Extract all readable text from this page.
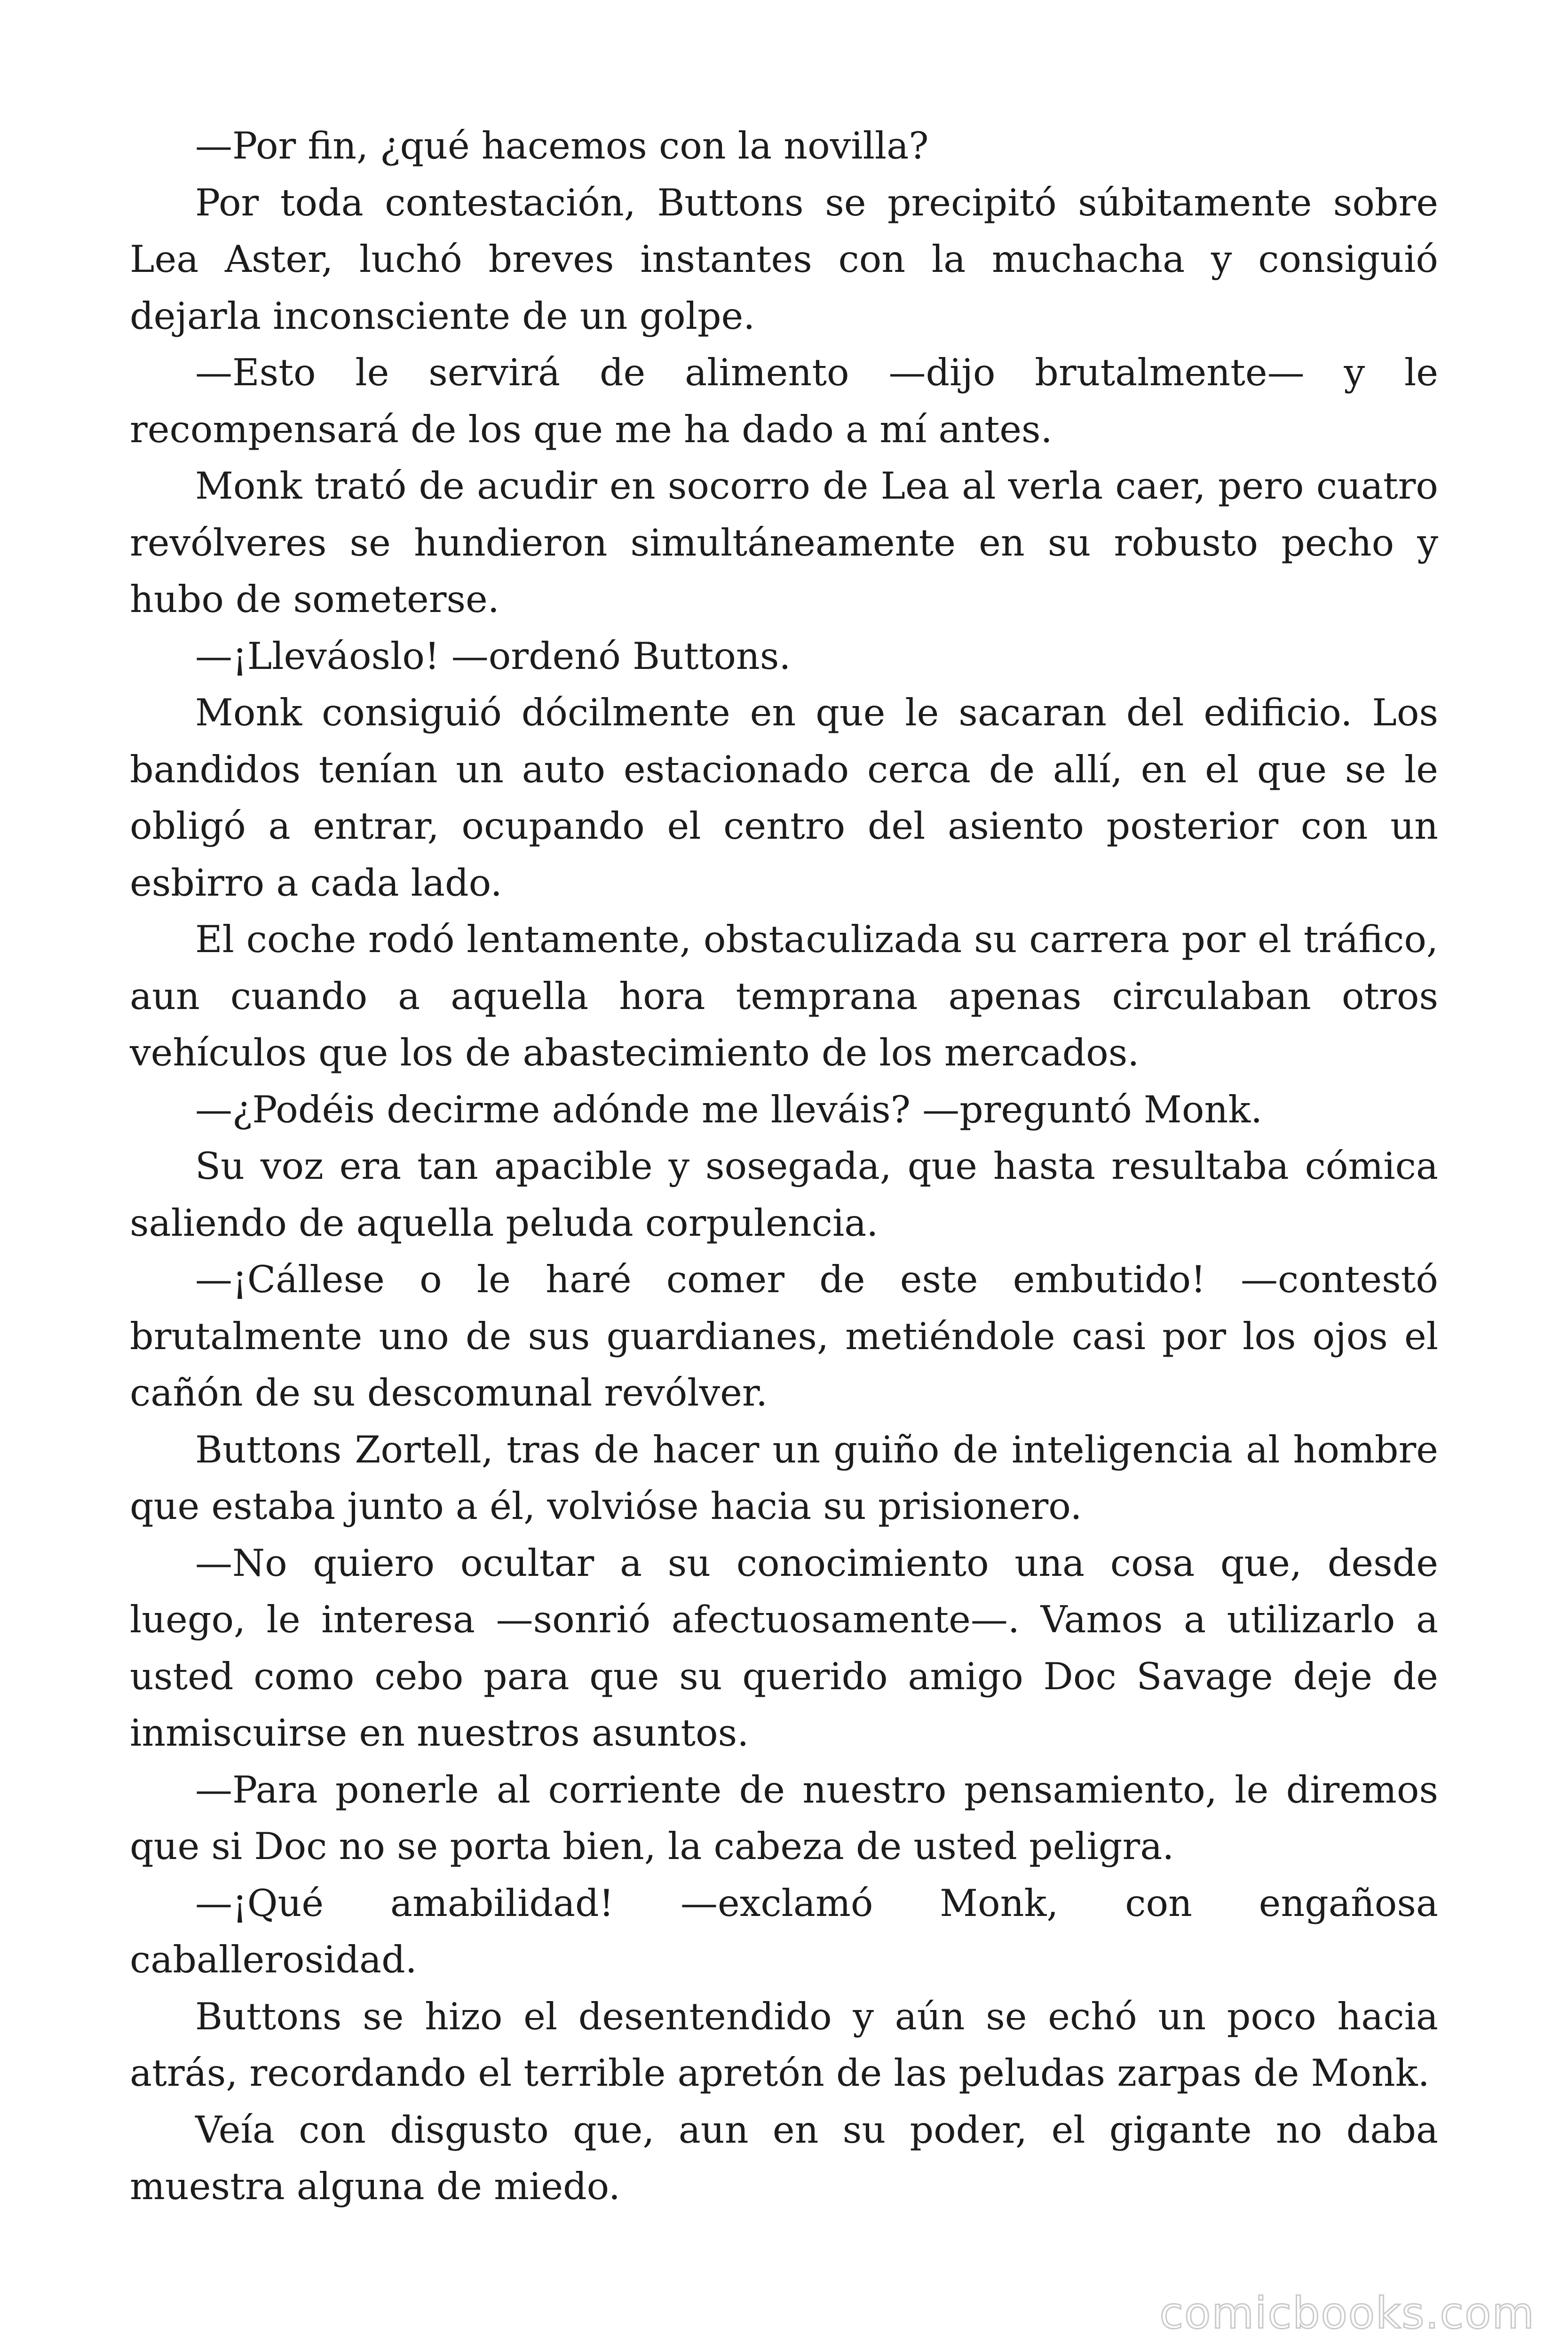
—Por fin, ¿qué hacemos con la novilla?

Por toda contestación, Buttons se precipitó súbitamente sobre Lea Aster, luchó breves instantes con la muchacha y consiguió dejarla inconsciente de un golpe.

—Esto le servirá de alimento —dijo brutalmente— y le recompensará de los que me ha dado a mí antes.

Monk trató de acudir en socorro de Lea al verla caer, pero cuatro revólveres se hundieron simultáneamente en su robusto pecho y hubo de someterse.

—¡Lleváoslo! —ordenó Buttons.

Monk consiguió dócilmente en que le sacaran del edificio. Los bandidos tenían un auto estacionado cerca de allí, en el que se le obligó a entrar, ocupando el centro del asiento posterior con un esbirro a cada lado.

El coche rodó lentamente, obstaculizada su carrera por el tráfico, aun cuando a aquella hora temprana apenas circulaban otros vehículos que los de abastecimiento de los mercados.

—¿Podéis decirme adónde me lleváis? —preguntó Monk.

Su voz era tan apacible y sosegada, que hasta resultaba cómica saliendo de aquella peluda corpulencia.

—¡Cállese o le haré comer de este embutido! —contestó brutalmente uno de sus guardianes, metiéndole casi por los ojos el cañón de su descomunal revólver.

Buttons Zortell, tras de hacer un guiño de inteligencia al hombre que estaba junto a él, volvióse hacia su prisionero.

—No quiero ocultar a su conocimiento una cosa que, desde luego, le interesa —sonrió afectuosamente—. Vamos a utilizarlo a usted como cebo para que su querido amigo Doc Savage deje de inmiscuirse en nuestros asuntos.

—Para ponerle al corriente de nuestro pensamiento, le diremos que si Doc no se porta bien, la cabeza de usted peligra.

—¡Qué amabilidad! —exclamó Monk, con engañosa caballerosidad.

Buttons se hizo el desentendido y aún se echó un poco hacia atrás, recordando el terrible apretón de las peludas zarpas de Monk.

Veía con disgusto que, aun en su poder, el gigante no daba muestra alguna de miedo.

comicbooks.com
